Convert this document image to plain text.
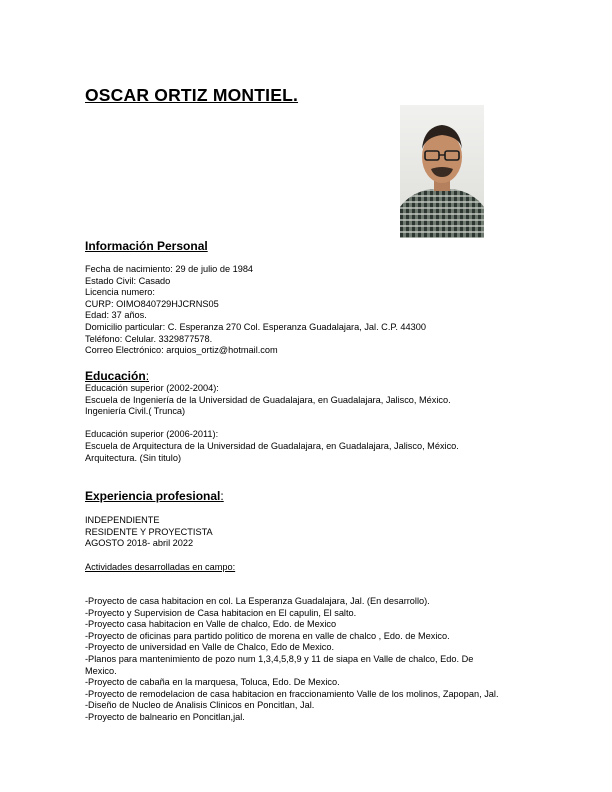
OSCAR ORTIZ MONTIEL.
Información Personal
Fecha de nacimiento: 29 de julio de 1984
Estado Civil: Casado
Licencia numero:
CURP: OIMO840729HJCRNS05
Edad: 37 años.
Domicilio particular: C. Esperanza 270 Col. Esperanza Guadalajara, Jal. C.P. 44300
Teléfono: Celular. 3329877578.
Correo Electrónico: arquios_ortiz@hotmail.com
Educación:
Educación superior (2002-2004):
Escuela de Ingeniería de la Universidad de Guadalajara, en Guadalajara, Jalisco, México.
Ingeniería Civil.( Trunca)
Educación superior (2006-2011):
Escuela de Arquitectura de la Universidad de Guadalajara, en Guadalajara, Jalisco, México.
Arquitectura. (Sin titulo)
Experiencia profesional:
INDEPENDIENTE
RESIDENTE Y PROYECTISTA
AGOSTO 2018- abril 2022
Actividades desarrolladas en campo:
-Proyecto de casa habitacion en col. La Esperanza Guadalajara, Jal. (En desarrollo).
-Proyecto y Supervision de Casa habitacion en El capulin, El salto.
-Proyecto casa habitacion en Valle de chalco, Edo. de Mexico
-Proyecto de oficinas para partido politico de morena en valle de chalco , Edo. de Mexico.
-Proyecto de universidad en Valle de Chalco, Edo de Mexico.
-Planos para mantenimiento de pozo num 1,3,4,5,8,9 y 11 de siapa en Valle de chalco, Edo. De
Mexico.
-Proyecto de cabaña en la marquesa, Toluca, Edo. De Mexico.
-Proyecto de remodelacion de casa habitacion en fraccionamiento Valle de los molinos, Zapopan, Jal.
-Diseño de Nucleo de Analisis Clinicos en Poncitlan, Jal.
-Proyecto de balneario en Poncitlan,jal.
